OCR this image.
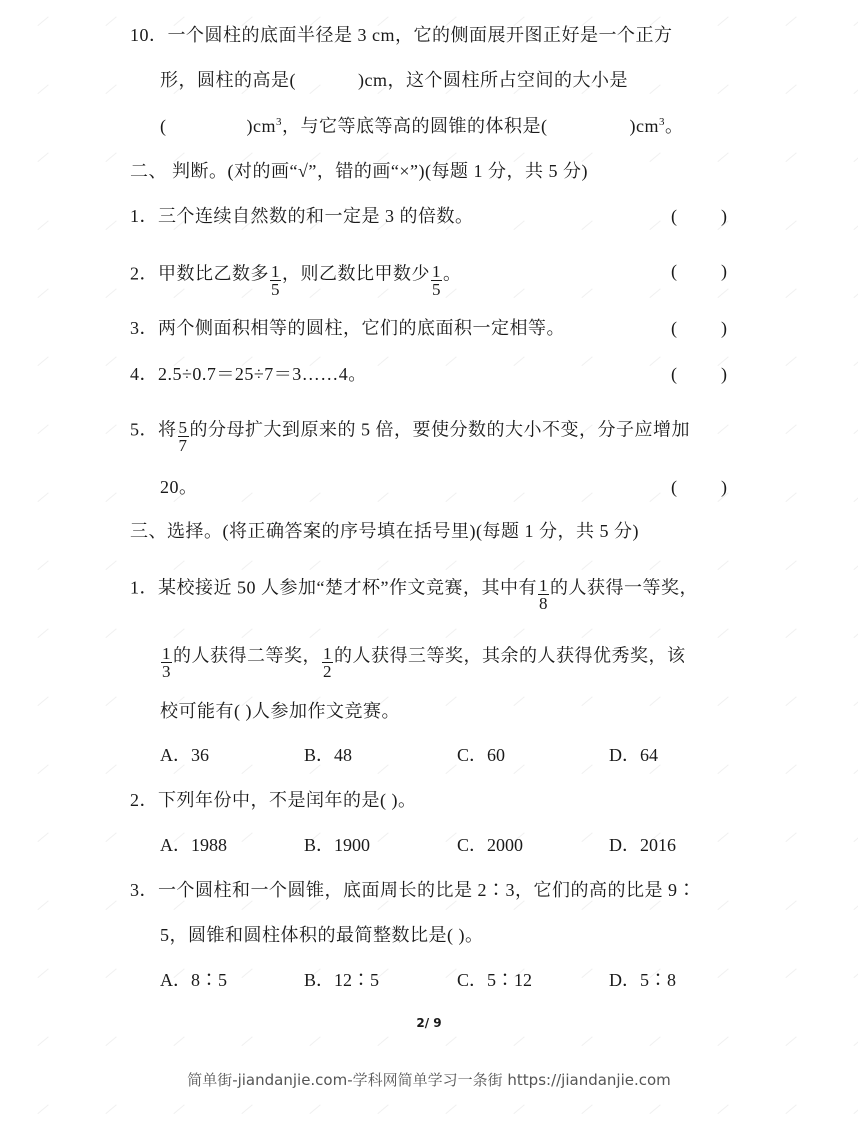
10．一个圆柱的底面半径是 3 cm，它的侧面展开图正好是一个正方
形，圆柱的高是(	)cm，这个圆柱所占空间的大小是
(	)$cm^3$，与它等底等高的圆锥的体积是(	)$cm^3$。
二、 判断。(对的画“√”，错的画“×”)(每题 1 分，共 5 分)
1．三个连续自然数的和一定是 3 的倍数。	( )
2．甲数比乙数多 $\frac{1}{5}$ ，则乙数比甲数少 $\frac{1}{5}$ 。	( )
3．两个侧面积相等的圆柱，它们的底面积一定相等。	( )
4．2.5÷0.7＝25÷7＝3……4。	( )
5．将 $\frac{5}{7}$ 的分母扩大到原来的 5 倍，要使分数的大小不变，分子应增加
20。	( )
三、选择。(将正确答案的序号填在括号里)(每题 1 分，共 5 分)
1．某校接近 50 人参加“楚才杯”作文竞赛，其中有 $\frac{1}{8}$ 的人获得一等奖，
$\frac{1}{3}$ 的人获得二等奖， $\frac{1}{2}$ 的人获得三等奖，其余的人获得优秀奖，该
校可能有( )人参加作文竞赛。
A．36	B．48	C．60	D．64
2．下列年份中，不是闰年的是( )。
A．1988	B．1900	C．2000	D．2016
3．一个圆柱和一个圆锥，底面周长的比是 2∶3，它们的高的比是 9∶
5，圆锥和圆柱体积的最简整数比是( )。
A．8∶5	B．12∶5	C．5∶12	D．5∶8
2/ 9
简单街-jiandanjie.com-学科网简单学习一条街 https://jiandanjie.com
